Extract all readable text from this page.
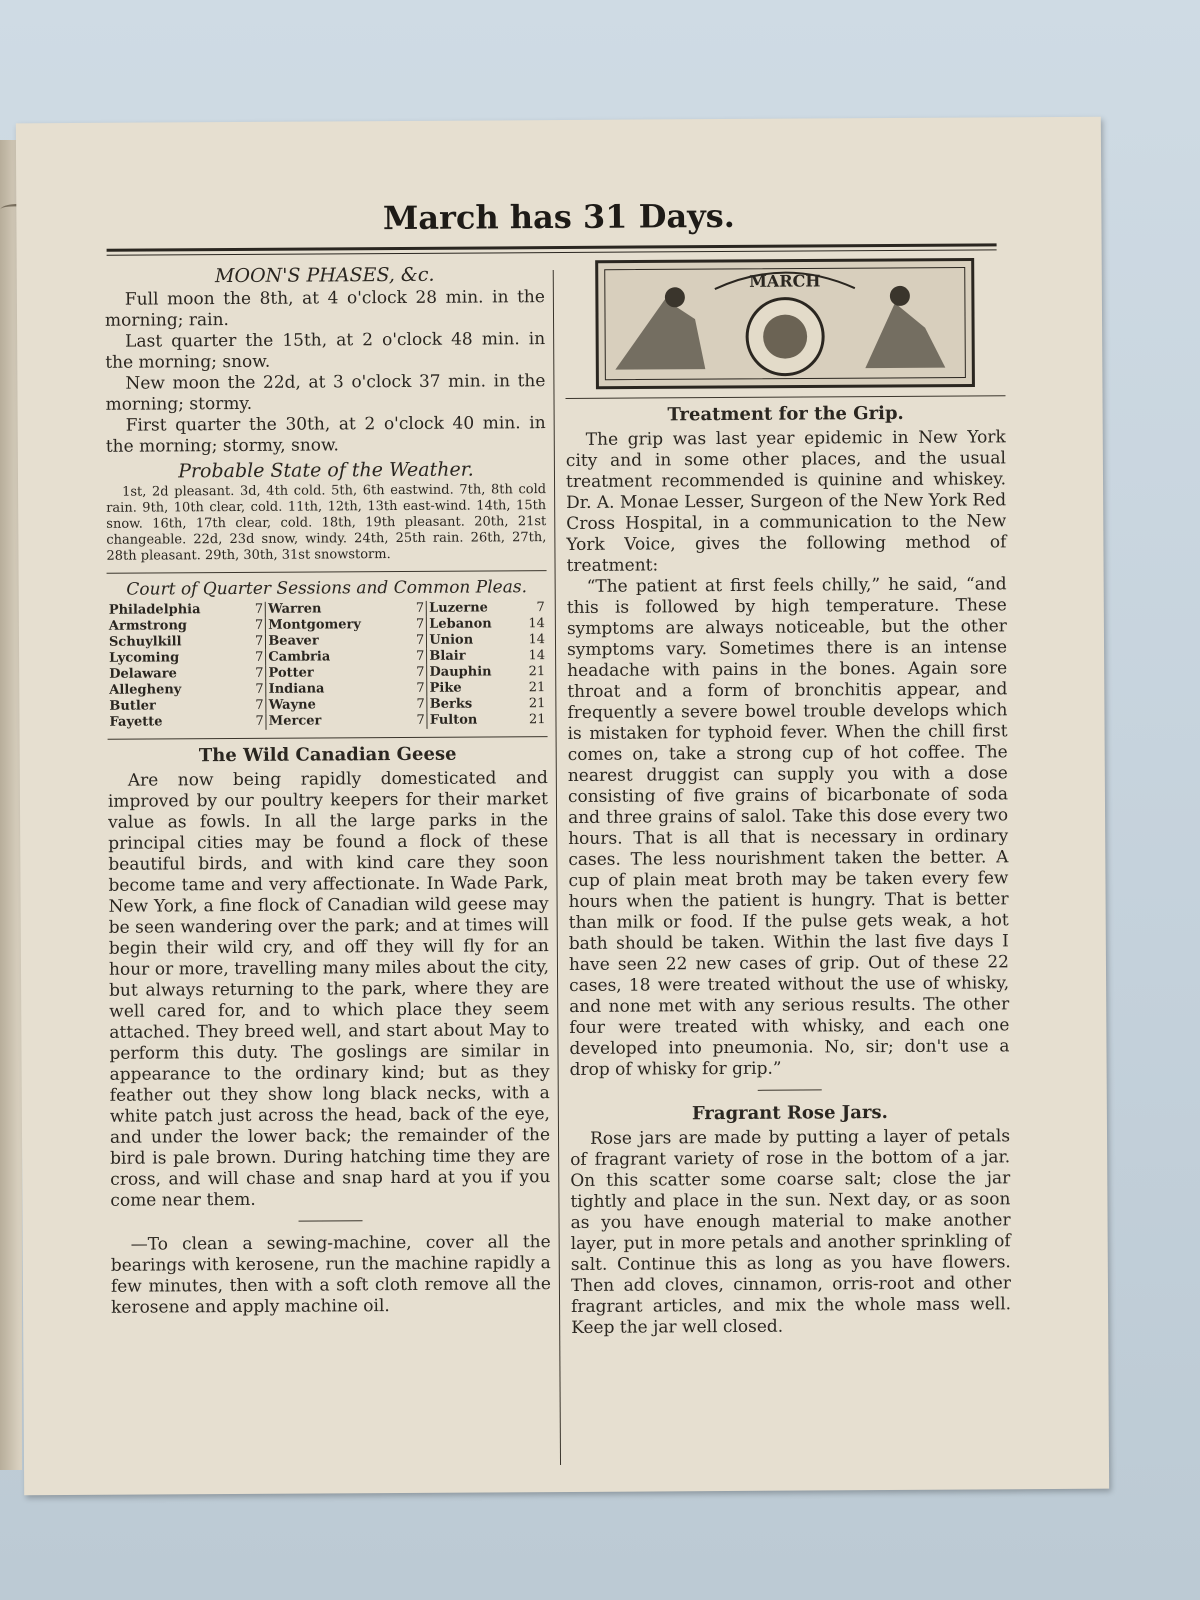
March has 31 Days.
MOON'S PHASES, &c.
Full moon the 8th, at 4 o'clock 28 min. in the morning; rain.
Last quarter the 15th, at 2 o'clock 48 min. in the morning; snow.
New moon the 22d, at 3 o'clock 37 min. in the morning; stormy.
First quarter the 30th, at 2 o'clock 40 min. in the morning; stormy, snow.
Probable State of the Weather.
1st, 2d pleasant. 3d, 4th cold. 5th, 6th eastwind. 7th, 8th cold rain. 9th, 10th clear, cold. 11th, 12th, 13th east-wind. 14th, 15th snow. 16th, 17th clear, cold. 18th, 19th pleasant. 20th, 21st changeable. 22d, 23d snow, windy. 24th, 25th rain. 26th, 27th, 28th pleasant. 29th, 30th, 31st snowstorm.
Court of Quarter Sessions and Common Pleas.
Philadelphia	7	Warren	7	Luzerne	7
Armstrong	7	Montgomery	7	Lebanon	14
Schuylkill	7	Beaver	7	Union	14
Lycoming	7	Cambria	7	Blair	14
Delaware	7	Potter	7	Dauphin	21
Allegheny	7	Indiana	7	Pike	21
Butler	7	Wayne	7	Berks	21
Fayette	7	Mercer	7	Fulton	21
The Wild Canadian Geese

Are now being rapidly domesticated and improved by our poultry keepers for their market value as fowls. In all the large parks in the principal cities may be found a flock of these beautiful birds, and with kind care they soon become tame and very affectionate. In Wade Park, New York, a fine flock of Canadian wild geese may be seen wandering over the park; and at times will begin their wild cry, and off they will fly for an hour or more, travelling many miles about the city, but always returning to the park, where they are well cared for, and to which place they seem attached. They breed well, and start about May to perform this duty. The goslings are similar in appearance to the ordinary kind; but as they feather out they show long black necks, with a white patch just across the head, back of the eye, and under the lower back; the remainder of the bird is pale brown. During hatching time they are cross, and will chase and snap hard at you if you come near them.

—To clean a sewing-machine, cover all the bearings with kerosene, run the machine rapidly a few minutes, then with a soft cloth remove all the kerosene and apply machine oil.

MARCH
Treatment for the Grip.

The grip was last year epidemic in New York city and in some other places, and the usual treatment recommended is quinine and whiskey. Dr. A. Monae Lesser, Surgeon of the New York Red Cross Hospital, in a communication to the New York Voice, gives the following method of treatment:

“The patient at first feels chilly,” he said, “and this is followed by high temperature. These symptoms are always noticeable, but the other symptoms vary. Sometimes there is an intense headache with pains in the bones. Again sore throat and a form of bronchitis appear, and frequently a severe bowel trouble develops which is mistaken for typhoid fever. When the chill first comes on, take a strong cup of hot coffee. The nearest druggist can supply you with a dose consisting of five grains of bicarbonate of soda and three grains of salol. Take this dose every two hours. That is all that is necessary in ordinary cases. The less nourishment taken the better. A cup of plain meat broth may be taken every few hours when the patient is hungry. That is better than milk or food. If the pulse gets weak, a hot bath should be taken. Within the last five days I have seen 22 new cases of grip. Out of these 22 cases, 18 were treated without the use of whisky, and none met with any serious results. The other four were treated with whisky, and each one developed into pneumonia. No, sir; don't use a drop of whisky for grip.”

Fragrant Rose Jars.

Rose jars are made by putting a layer of petals of fragrant variety of rose in the bottom of a jar. On this scatter some coarse salt; close the jar tightly and place in the sun. Next day, or as soon as you have enough material to make another layer, put in more petals and another sprinkling of salt. Continue this as long as you have flowers. Then add cloves, cinnamon, orris-root and other fragrant articles, and mix the whole mass well. Keep the jar well closed.
